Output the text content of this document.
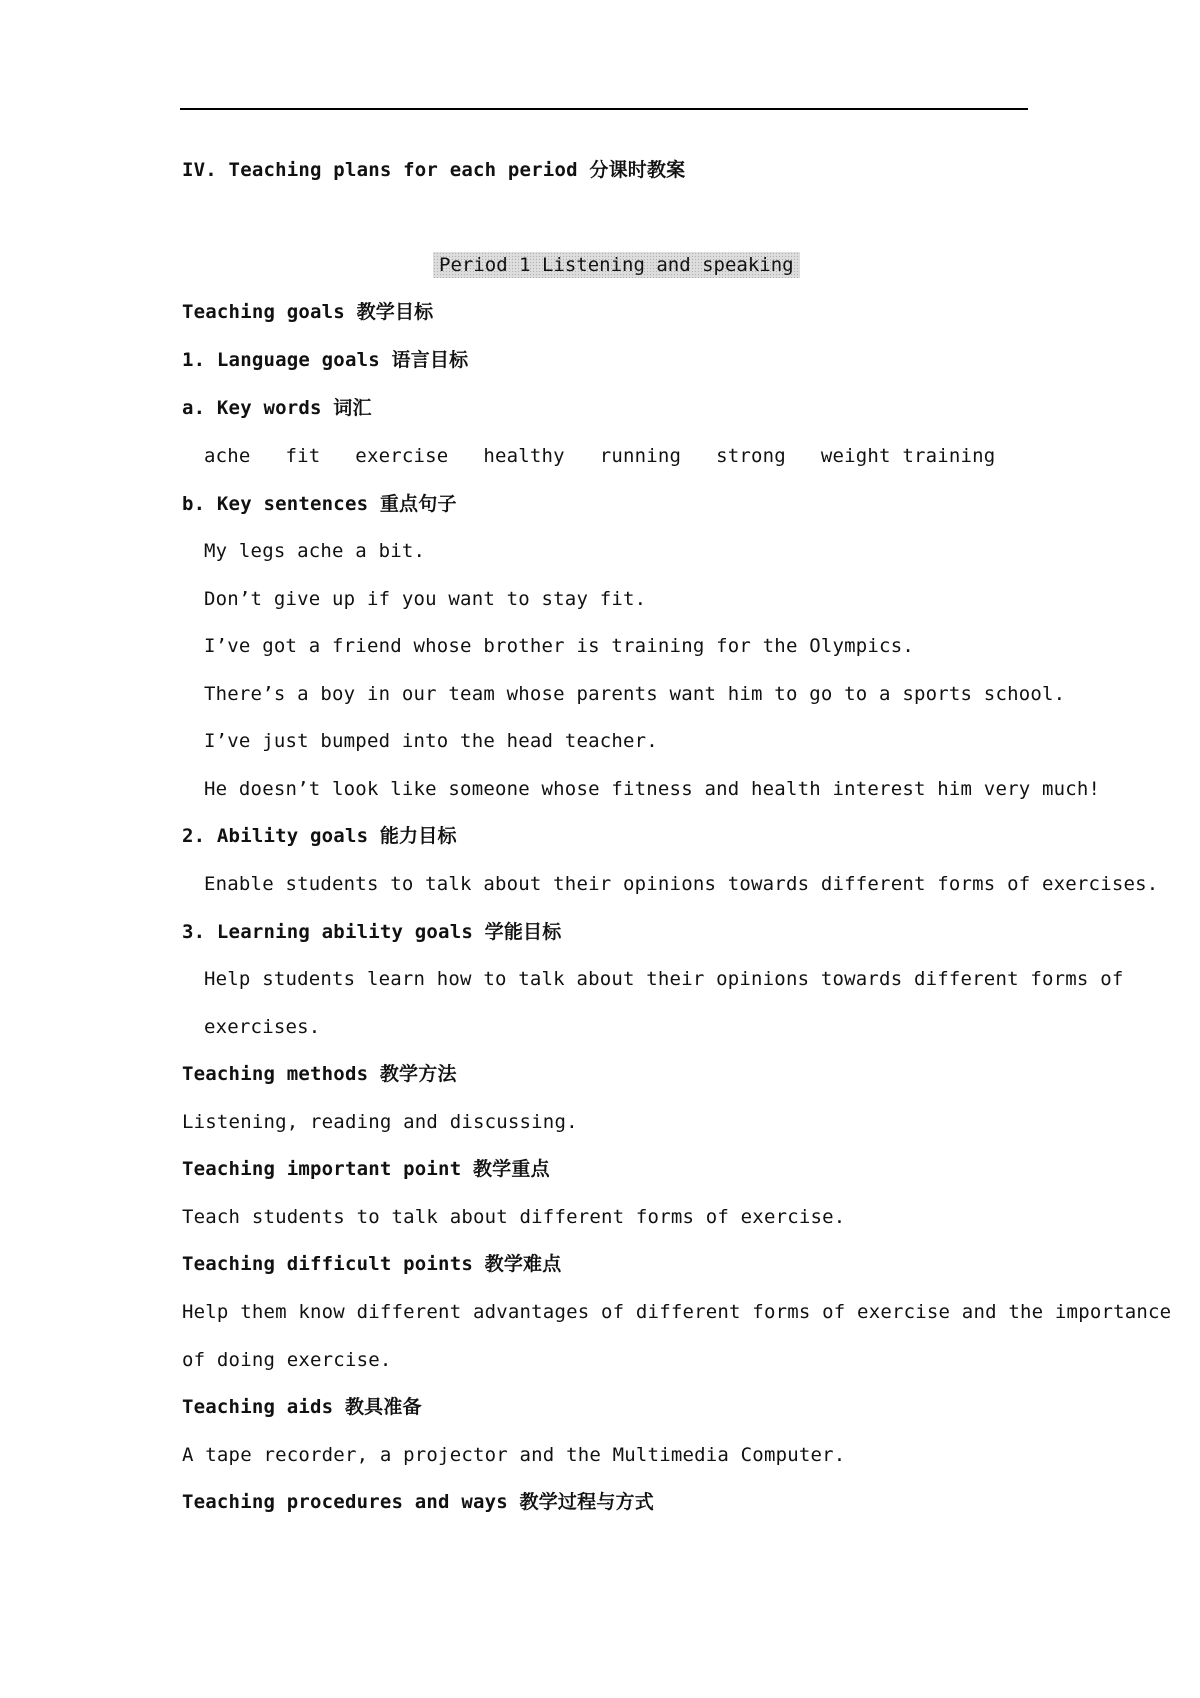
IV. Teaching plans for each period 分课时教案
Period 1 Listening and speaking
Teaching goals 教学目标
1. Language goals 语言目标
a. Key words 词汇
ache   fit   exercise   healthy   running   strong   weight training
b. Key sentences 重点句子
My legs ache a bit.
Don’t give up if you want to stay fit.
I’ve got a friend whose brother is training for the Olympics.
There’s a boy in our team whose parents want him to go to a sports school.
I’ve just bumped into the head teacher.
He doesn’t look like someone whose fitness and health interest him very much!
2. Ability goals 能力目标
Enable students to talk about their opinions towards different forms of exercises.
3. Learning ability goals 学能目标
Help students learn how to talk about their opinions towards different forms of
exercises.
Teaching methods 教学方法
Listening, reading and discussing.
Teaching important point 教学重点
Teach students to talk about different forms of exercise.
Teaching difficult points 教学难点
Help them know different advantages of different forms of exercise and the importance
of doing exercise.
Teaching aids 教具准备
A tape recorder, a projector and the Multimedia Computer.
Teaching procedures and ways 教学过程与方式
